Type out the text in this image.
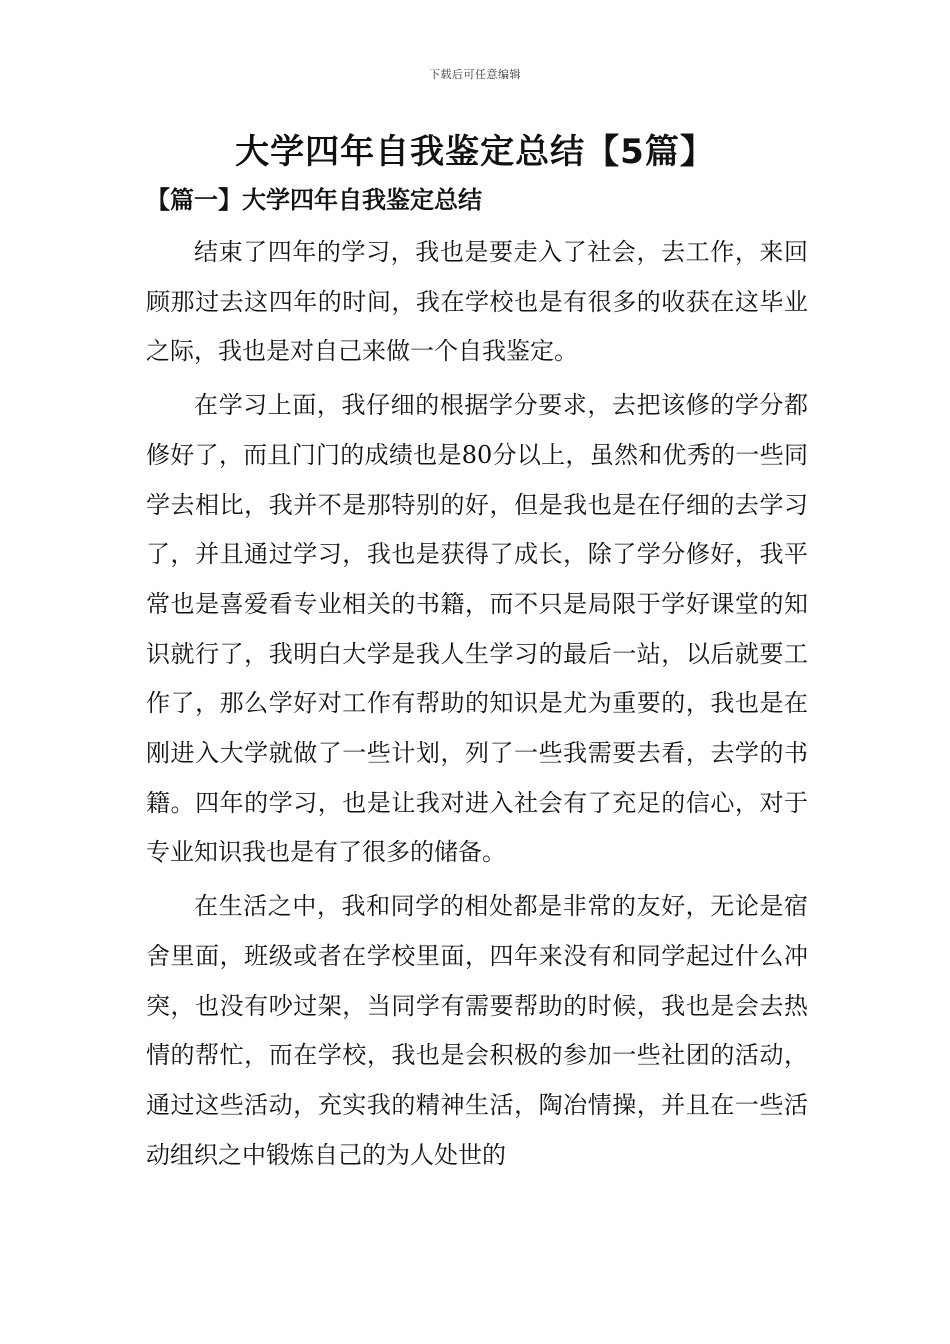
下载后可任意编辑
大学四年自我鉴定总结【5篇】
【篇一】大学四年自我鉴定总结

结束了四年的学习，我也是要走入了社会，去工作，来回顾那过去这四年的时间，我在学校也是有很多的收获在这毕业之际，我也是对自己来做一个自我鉴定。

在学习上面，我仔细的根据学分要求，去把该修的学分都修好了，而且门门的成绩也是80分以上，虽然和优秀的一些同学去相比，我并不是那特别的好，但是我也是在仔细的去学习了，并且通过学习，我也是获得了成长，除了学分修好，我平常也是喜爱看专业相关的书籍，而不只是局限于学好课堂的知识就行了，我明白大学是我人生学习的最后一站，以后就要工作了，那么学好对工作有帮助的知识是尤为重要的，我也是在刚进入大学就做了一些计划，列了一些我需要去看，去学的书籍。四年的学习，也是让我对进入社会有了充足的信心，对于专业知识我也是有了很多的储备。

在生活之中，我和同学的相处都是非常的友好，无论是宿舍里面，班级或者在学校里面，四年来没有和同学起过什么冲突，也没有吵过架，当同学有需要帮助的时候，我也是会去热情的帮忙，而在学校，我也是会积极的参加一些社团的活动，通过这些活动，充实我的精神生活，陶冶情操，并且在一些活动组织之中锻炼自己的为人处世的
